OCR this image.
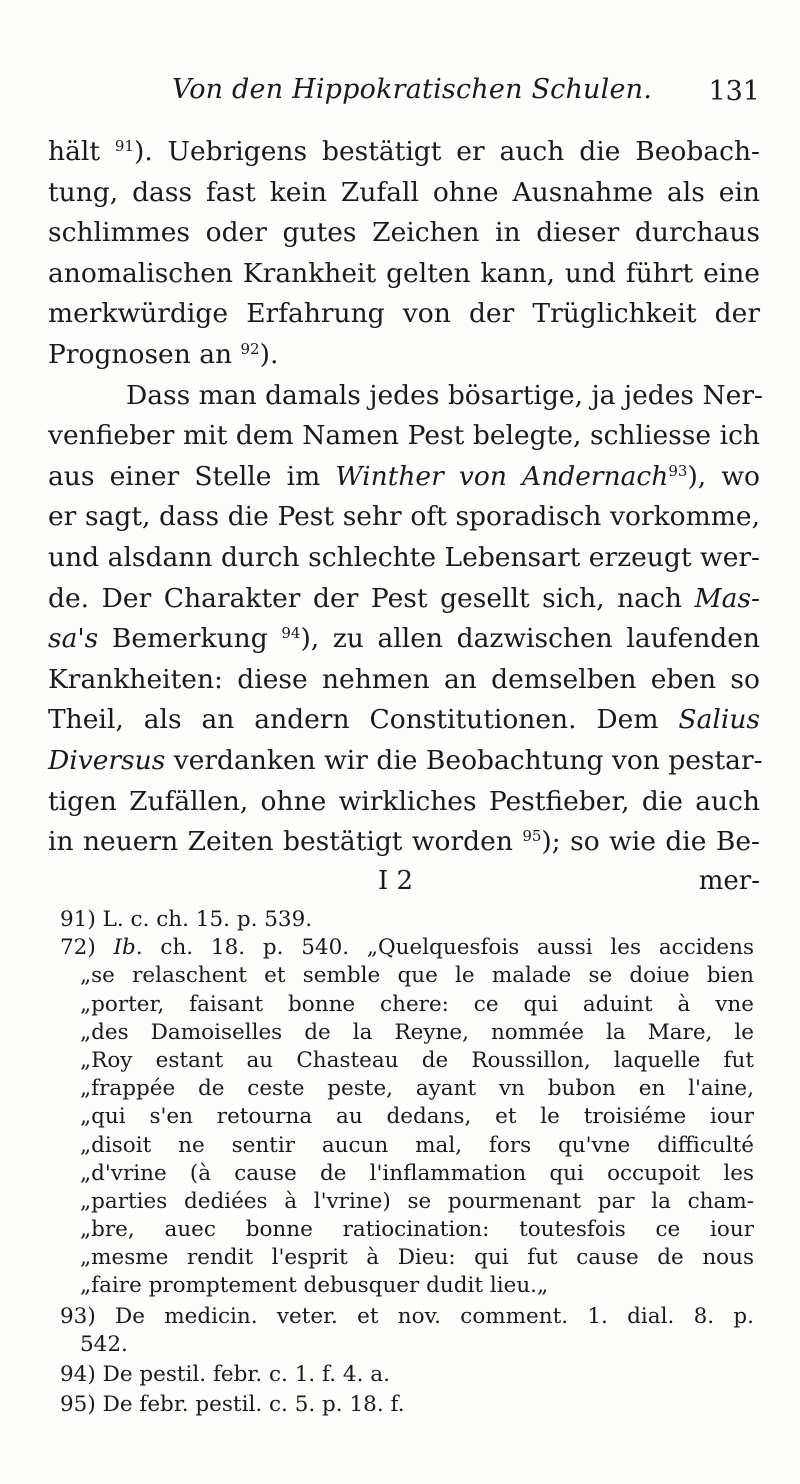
Von den Hippokratischen Schulen. 131
hält $^{91}$). Uebrigens bestätigt er auch die Beobach-
tung, dass fast kein Zufall ohne Ausnahme als ein
schlimmes oder gutes Zeichen in dieser durchaus
anomalischen Krankheit gelten kann, und führt eine
merkwürdige Erfahrung von der Trüglichkeit der
Prognosen an $^{92}$).
Dass man damals jedes bösartige, ja jedes Ner-
venfieber mit dem Namen Pest belegte, schliesse ich
aus einer Stelle im Winther von Andernach$^{93}$), wo
er sagt, dass die Pest sehr oft sporadisch vorkomme,
und alsdann durch schlechte Lebensart erzeugt wer-
de. Der Charakter der Pest gesellt sich, nach Mas-
sa's Bemerkung $^{94}$), zu allen dazwischen laufenden
Krankheiten: diese nehmen an demselben eben so
Theil, als an andern Constitutionen. Dem Salius
Diversus verdanken wir die Beobachtung von pestar-
tigen Zufällen, ohne wirkliches Pestfieber, die auch
in neuern Zeiten bestätigt worden $^{95}$); so wie die Be-
I 2	mer-
91) L. c. ch. 15. p. 539.
72) Ib. ch. 18. p. 540. „Quelquesfois aussi les accidens
„se relaschent et semble que le malade se doiue bien
„porter, faisant bonne chere: ce qui aduint à vne
„des Damoiselles de la Reyne, nommée la Mare, le
„Roy estant au Chasteau de Roussillon, laquelle fut
„frappée de ceste peste, ayant vn bubon en l'aine,
„qui s'en retourna au dedans, et le troisiéme iour
„disoit ne sentir aucun mal, fors qu'vne difficulté
„d'vrine (à cause de l'inflammation qui occupoit les
„parties dediées à l'vrine) se pourmenant par la cham-
„bre, auec bonne ratiocination: toutesfois ce iour
„mesme rendit l'esprit à Dieu: qui fut cause de nous
„faire promptement debusquer dudit lieu.„
93) De medicin. veter. et nov. comment. 1. dial. 8. p.
542.
94) De pestil. febr. c. 1. f. 4. a.
95) De febr. pestil. c. 5. p. 18. f.
